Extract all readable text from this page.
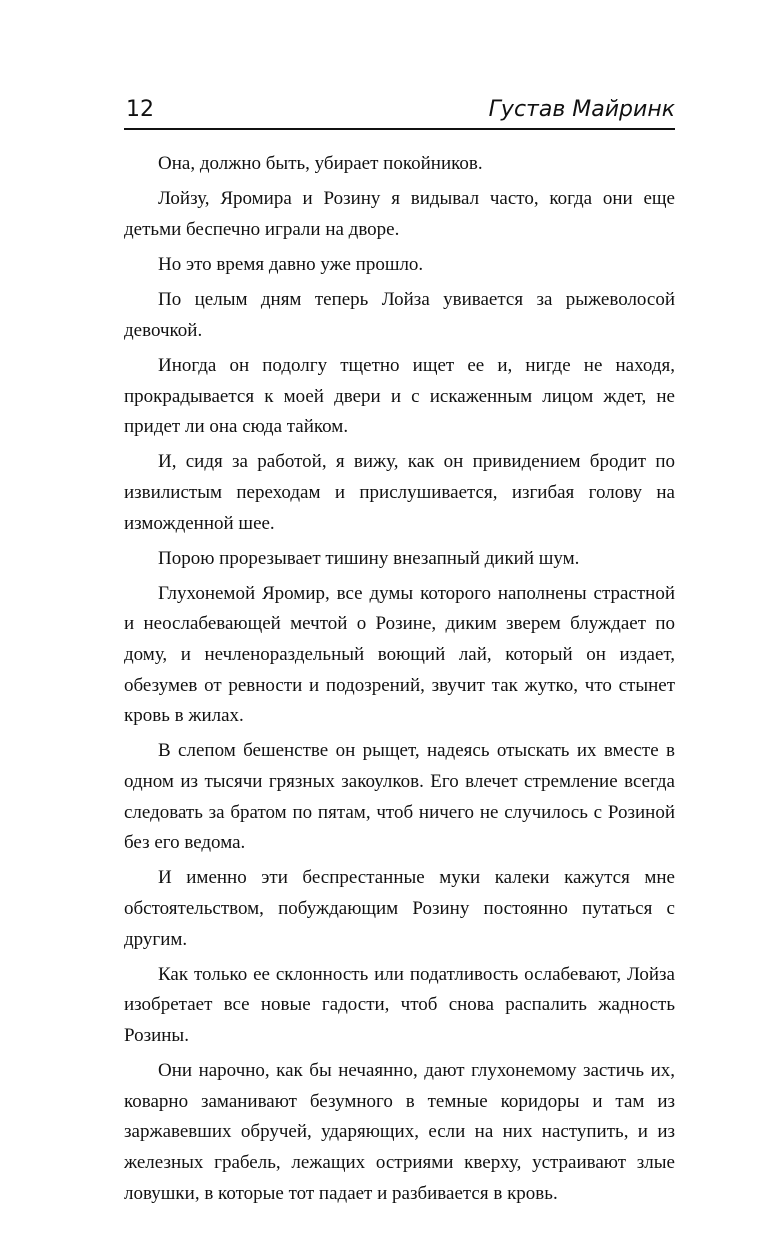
12	Густав Майринк

Она, должно быть, убирает покойников.

Лойзу, Яромира и Розину я видывал часто, когда они еще детьми беспечно играли на дворе.

Но это время давно уже прошло.

По целым дням теперь Лойза увивается за рыжеволосой девочкой.

Иногда он подолгу тщетно ищет ее и, нигде не находя, прокрадывается к моей двери и с искаженным лицом ждет, не придет ли она сюда тайком.

И, сидя за работой, я вижу, как он привидением бродит по извилистым переходам и прислушивается, изгибая голову на изможденной шее.

Порою прорезывает тишину внезапный дикий шум.

Глухонемой Яромир, все думы которого наполнены страстной и неослабевающей мечтой о Розине, диким зверем блуждает по дому, и нечленораздельный воющий лай, который он издает, обезумев от ревности и подозрений, звучит так жутко, что стынет кровь в жилах.

В слепом бешенстве он рыщет, надеясь отыскать их вместе в одном из тысячи грязных закоулков. Его влечет стремление всегда следовать за братом по пятам, чтоб ничего не случилось с Розиной без его ведома.

И именно эти беспрестанные муки калеки кажутся мне обстоятельством, побуждающим Розину постоянно путаться с другим.

Как только ее склонность или податливость ослабевают, Лойза изобретает все новые гадости, чтоб снова распалить жадность Розины.

Они нарочно, как бы нечаянно, дают глухонемому застичь их, коварно заманивают безумного в темные коридоры и там из заржавевших обручей, ударяющих, если на них наступить, и из железных грабель, лежащих остриями кверху, устраивают злые ловушки, в которые тот падает и разбивается в кровь.
